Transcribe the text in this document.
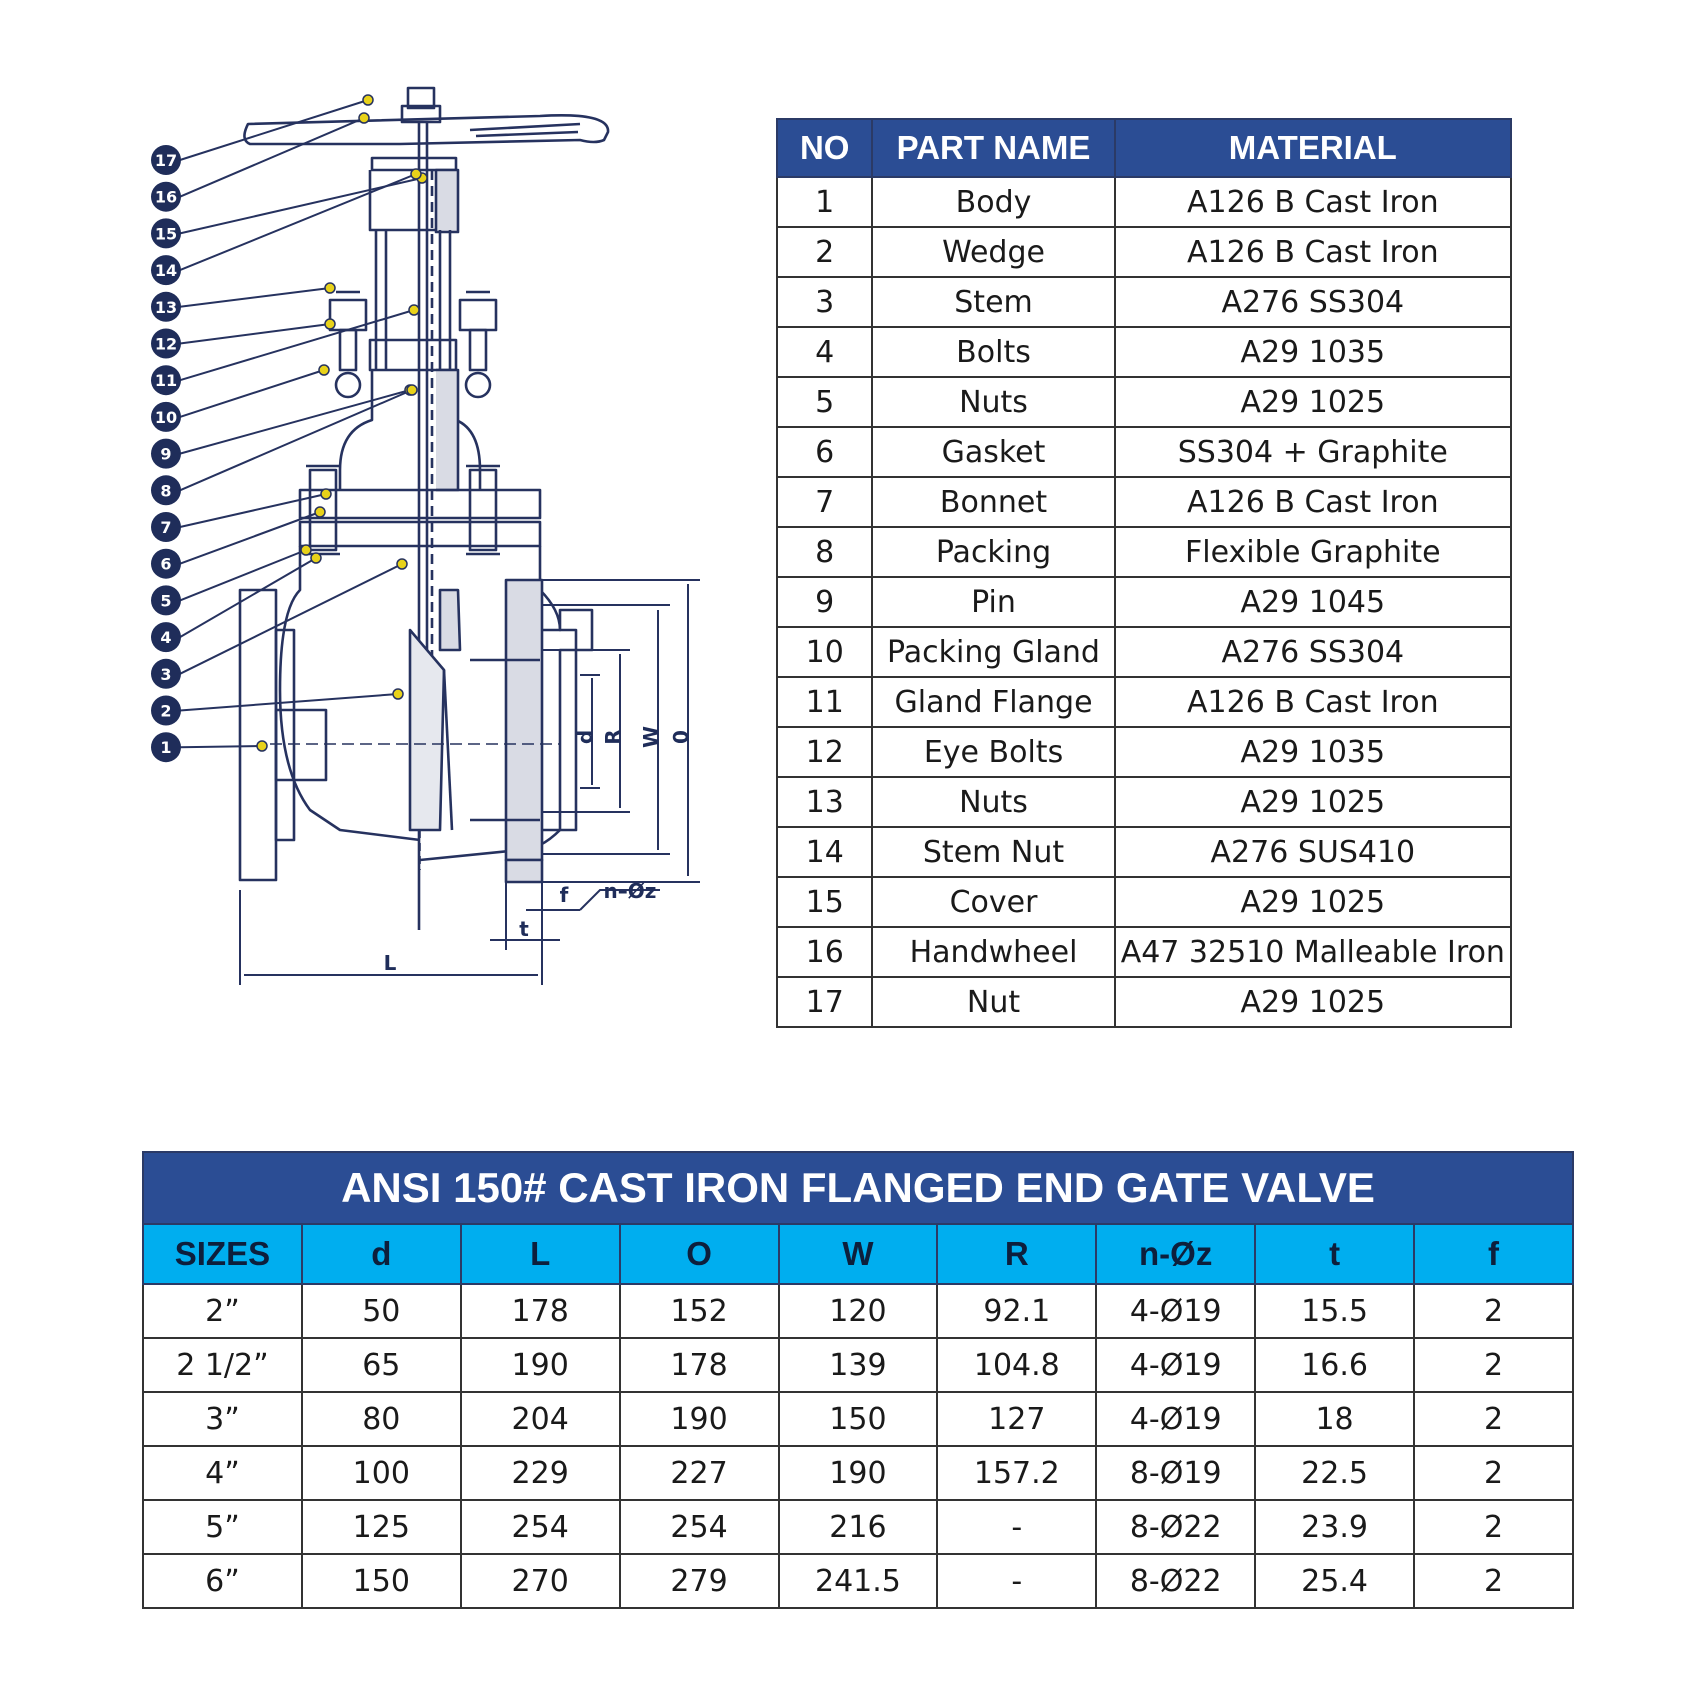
d R W 0
L
t
f n–Øz
17
16
15
14
13
12
11
10
9
8
7
6
5
4
3
2
1
NO	PART NAME	MATERIAL
1	Body	A126 B Cast Iron
2	Wedge	A126 B Cast Iron
3	Stem	A276 SS304
4	Bolts	A29 1035
5	Nuts	A29 1025
6	Gasket	SS304 + Graphite
7	Bonnet	A126 B Cast Iron
8	Packing	Flexible Graphite
9	Pin	A29 1045
10	Packing Gland	A276 SS304
11	Gland Flange	A126 B Cast Iron
12	Eye Bolts	A29 1035
13	Nuts	A29 1025
14	Stem Nut	A276 SUS410
15	Cover	A29 1025
16	Handwheel	A47 32510 Malleable Iron
17	Nut	A29 1025
ANSI 150# CAST IRON FLANGED END GATE VALVE
SIZES	d	L	O	W	R	n-Øz	t	f
2”	50	178	152	120	92.1	4-Ø19	15.5	2
2 1/2”	65	190	178	139	104.8	4-Ø19	16.6	2
3”	80	204	190	150	127	4-Ø19	18	2
4”	100	229	227	190	157.2	8-Ø19	22.5	2
5”	125	254	254	216	-	8-Ø22	23.9	2
6”	150	270	279	241.5	-	8-Ø22	25.4	2
